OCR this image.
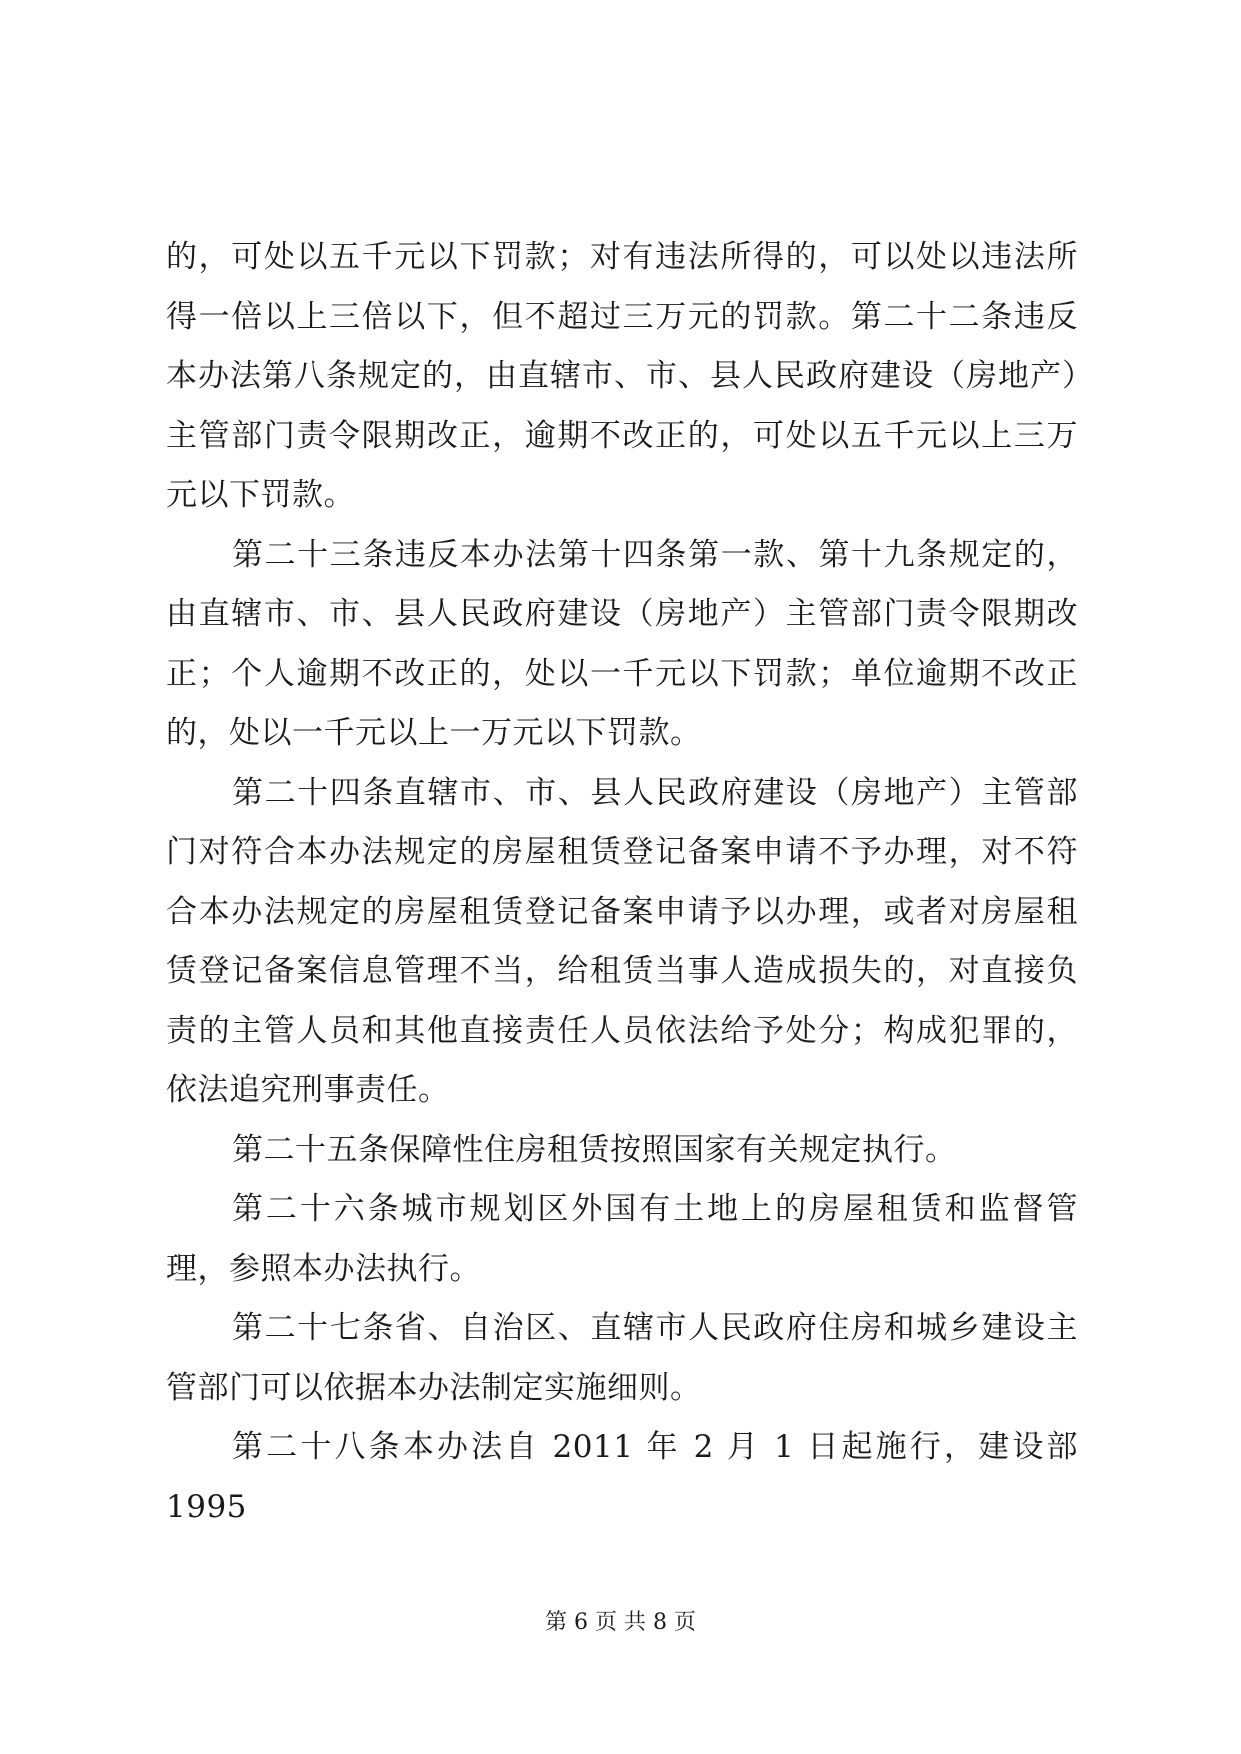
的，可处以五千元以下罚款；对有违法所得的，可以处以违法所得一倍以上三倍以下，但不超过三万元的罚款。第二十二条违反本办法第八条规定的，由直辖市、市、县人民政府建设（房地产）主管部门责令限期改正，逾期不改正的，可处以五千元以上三万元以下罚款。

第二十三条违反本办法第十四条第一款、第十九条规定的，由直辖市、市、县人民政府建设（房地产）主管部门责令限期改正；个人逾期不改正的，处以一千元以下罚款；单位逾期不改正的，处以一千元以上一万元以下罚款。

第二十四条直辖市、市、县人民政府建设（房地产）主管部门对符合本办法规定的房屋租赁登记备案申请不予办理，对不符合本办法规定的房屋租赁登记备案申请予以办理，或者对房屋租赁登记备案信息管理不当，给租赁当事人造成损失的，对直接负责的主管人员和其他直接责任人员依法给予处分；构成犯罪的，依法追究刑事责任。

第二十五条保障性住房租赁按照国家有关规定执行。

第二十六条城市规划区外国有土地上的房屋租赁和监督管理，参照本办法执行。

第二十七条省、自治区、直辖市人民政府住房和城乡建设主管部门可以依据本办法制定实施细则。

第二十八条本办法自 2011 年 2 月 1 日起施行，建设部 1995

第 6 页 共 8 页
